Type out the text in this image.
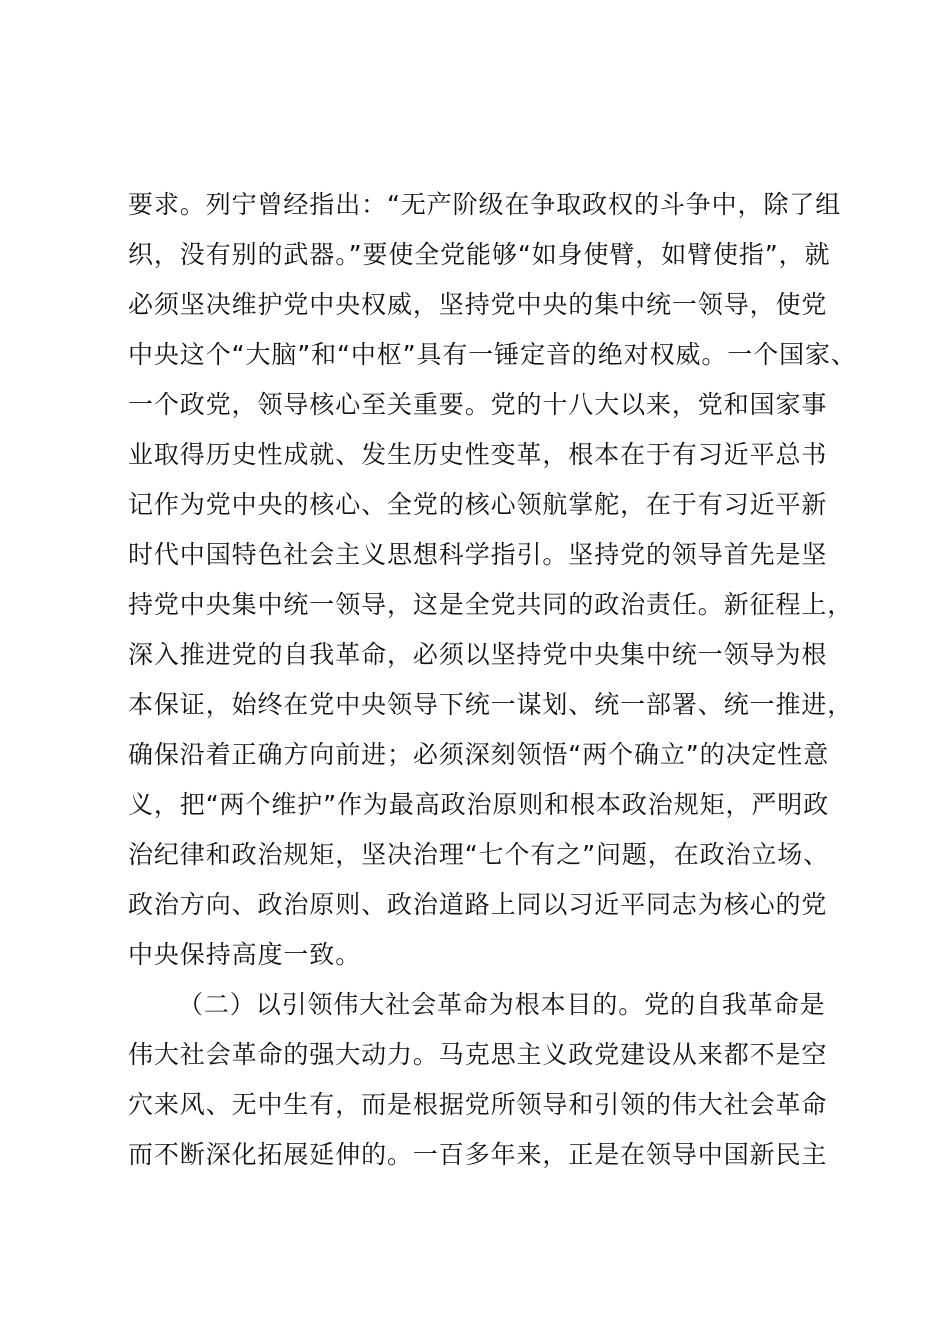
要求。列宁曾经指出：“无产阶级在争取政权的斗争中，除了组
织，没有别的武器。”要使全党能够“如身使臂，如臂使指”，就
必须坚决维护党中央权威，坚持党中央的集中统一领导，使党
中央这个“大脑”和“中枢”具有一锤定音的绝对权威。一个国家、
一个政党，领导核心至关重要。党的十八大以来，党和国家事
业取得历史性成就、发生历史性变革，根本在于有习近平总书
记作为党中央的核心、全党的核心领航掌舵，在于有习近平新
时代中国特色社会主义思想科学指引。坚持党的领导首先是坚
持党中央集中统一领导，这是全党共同的政治责任。新征程上，
深入推进党的自我革命，必须以坚持党中央集中统一领导为根
本保证，始终在党中央领导下统一谋划、统一部署、统一推进，
确保沿着正确方向前进；必须深刻领悟“两个确立”的决定性意
义，把“两个维护”作为最高政治原则和根本政治规矩，严明政
治纪律和政治规矩，坚决治理“七个有之”问题，在政治立场、
政治方向、政治原则、政治道路上同以习近平同志为核心的党
中央保持高度一致。
（二）以引领伟大社会革命为根本目的。党的自我革命是
伟大社会革命的强大动力。马克思主义政党建设从来都不是空
穴来风、无中生有，而是根据党所领导和引领的伟大社会革命
而不断深化拓展延伸的。一百多年来，正是在领导中国新民主
